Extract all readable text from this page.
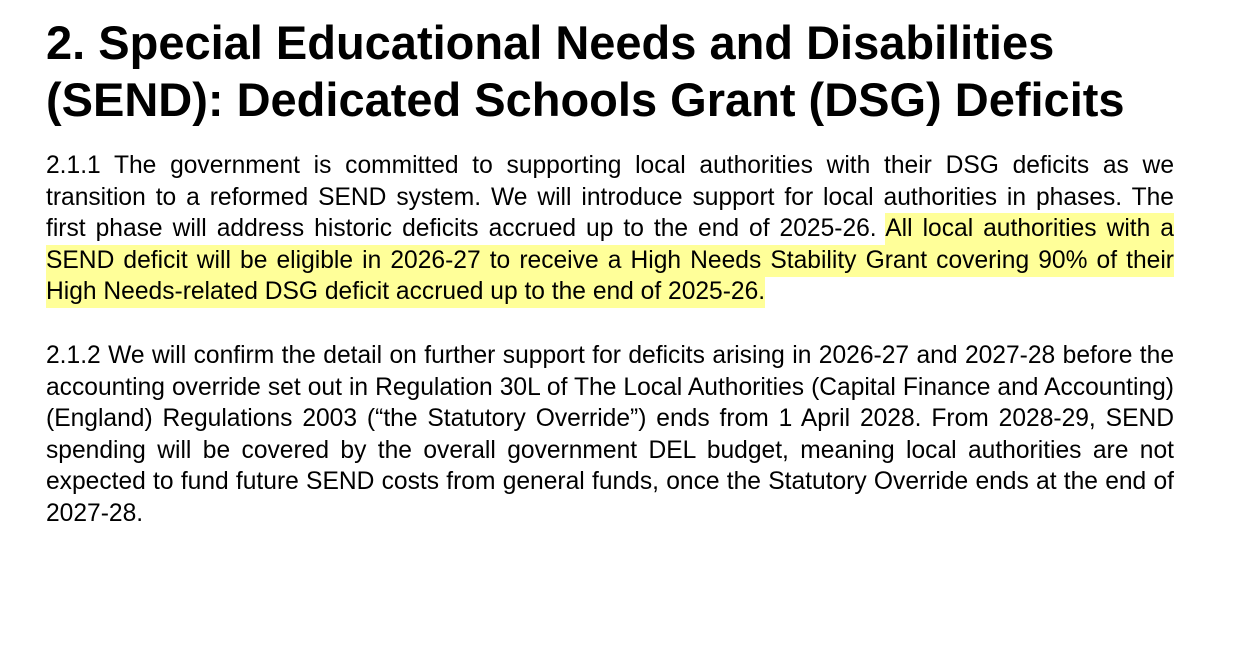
2. Special Educational Needs and Disabilities (SEND): Dedicated Schools Grant (DSG) Deficits

2.1.1 The government is committed to supporting local authorities with their DSG deficits as we transition to a reformed SEND system. We will introduce support for local authorities in phases. The first phase will address historic deficits accrued up to the end of 2025-26. All local authorities with a SEND deficit will be eligible in 2026-27 to receive a High Needs Stability Grant covering 90% of their High Needs-related DSG deficit accrued up to the end of 2025-26.

2.1.2 We will confirm the detail on further support for deficits arising in 2026-27 and 2027-28 before the accounting override set out in Regulation 30L of The Local Authorities (Capital Finance and Accounting) (England) Regulations 2003 (“the Statutory Override”) ends from 1 April 2028. From 2028-29, SEND spending will be covered by the overall government DEL budget, meaning local authorities are not expected to fund future SEND costs from general funds, once the Statutory Override ends at the end of 2027-28.
